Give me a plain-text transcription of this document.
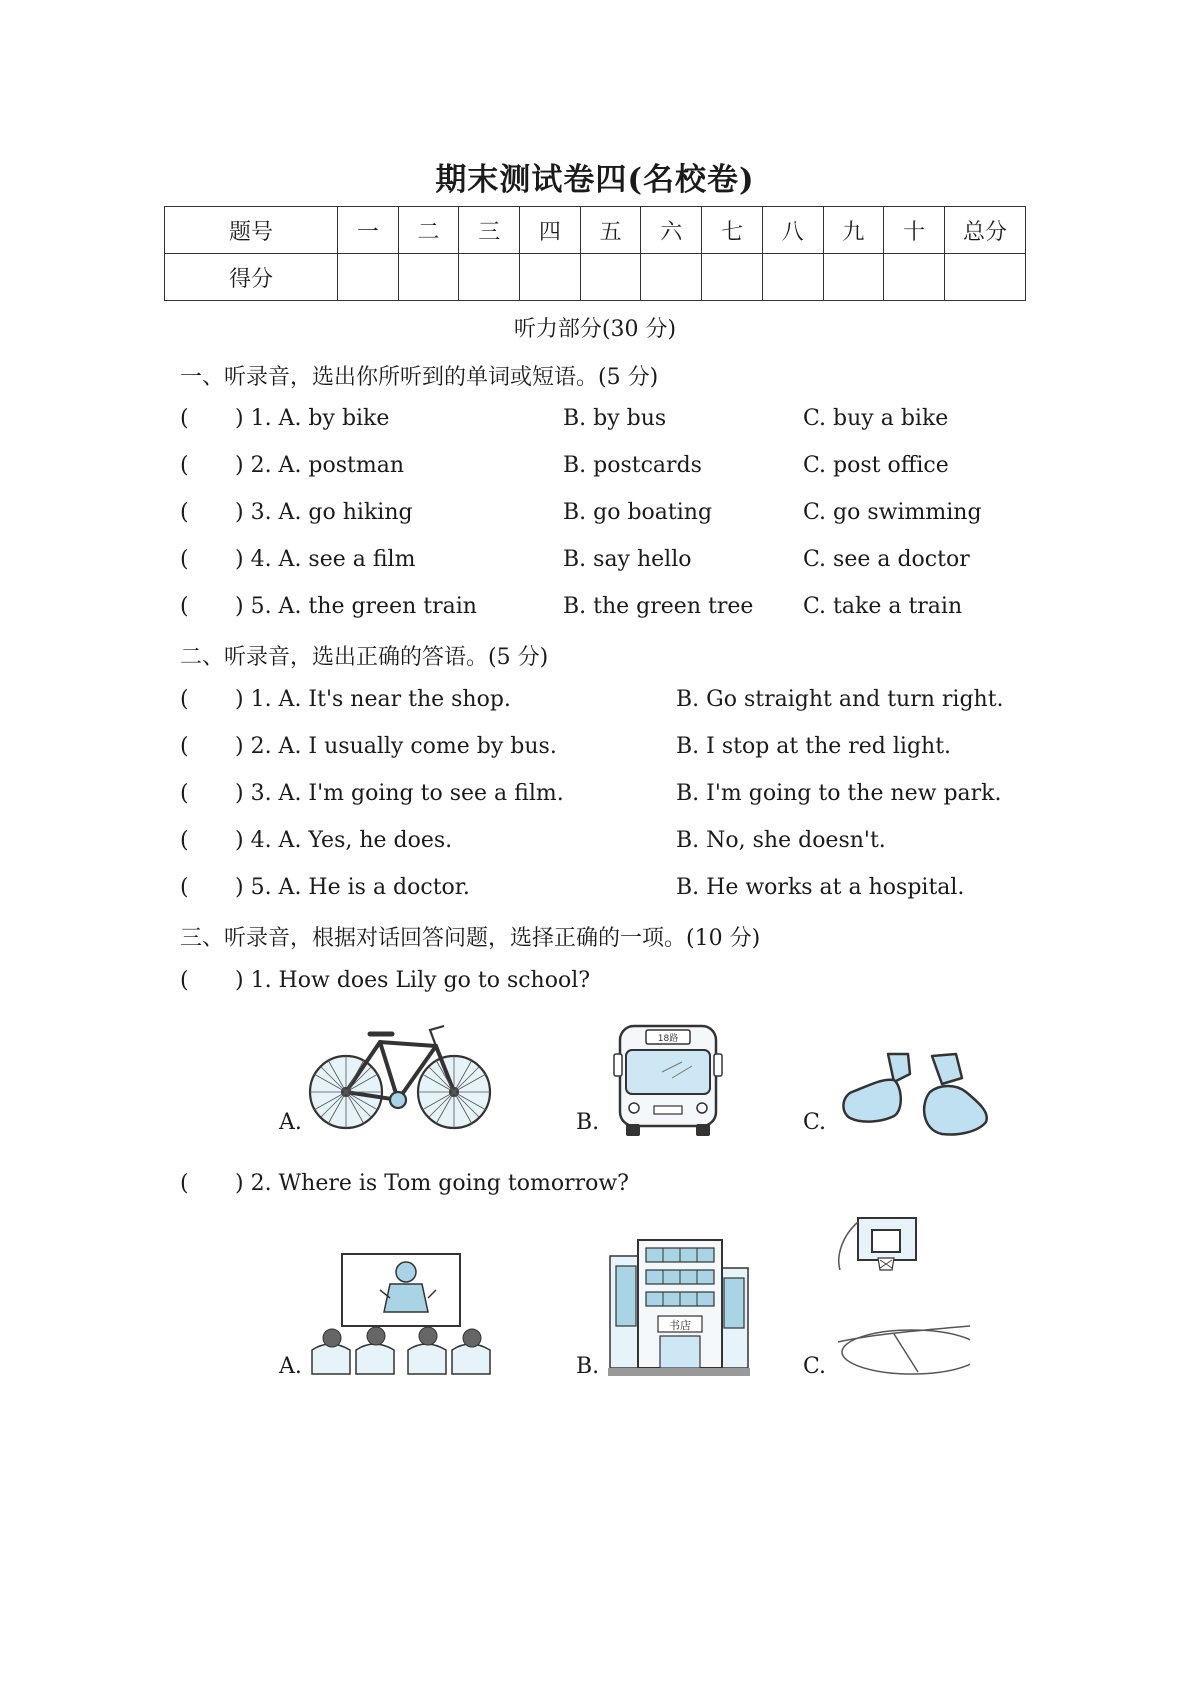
期末测试卷四(名校卷)
题号	一	二	三	四	五	六	七	八	九	十	总分
得分											
听力部分(30 分)
一、听录音，选出你所听到的单词或短语。(5 分)
( ) 1. A. by bike	B. by bus	C. buy a bike
( ) 2. A. postman	B. postcards	C. post office
( ) 3. A. go hiking	B. go boating	C. go swimming
( ) 4. A. see a film	B. say hello	C. see a doctor
( ) 5. A. the green train	B. the green tree C. take a train
二、听录音，选出正确的答语。(5 分)
( ) 1. A. It's near the shop.	B. Go straight and turn right.
( ) 2. A. I usually come by bus.	B. I stop at the red light.
( ) 3. A. I'm going to see a film.	B. I'm going to the new park.
( ) 4. A. Yes, he does.	B. No, she doesn't.
( ) 5. A. He is a doctor.	B. He works at a hospital.
三、听录音，根据对话回答问题，选择正确的一项。(10 分)
( ) 1. How does Lily go to school?
A.
18路
B.	C.
( ) 2. Where is Tom going tomorrow?
A.
书店
B.	C.
